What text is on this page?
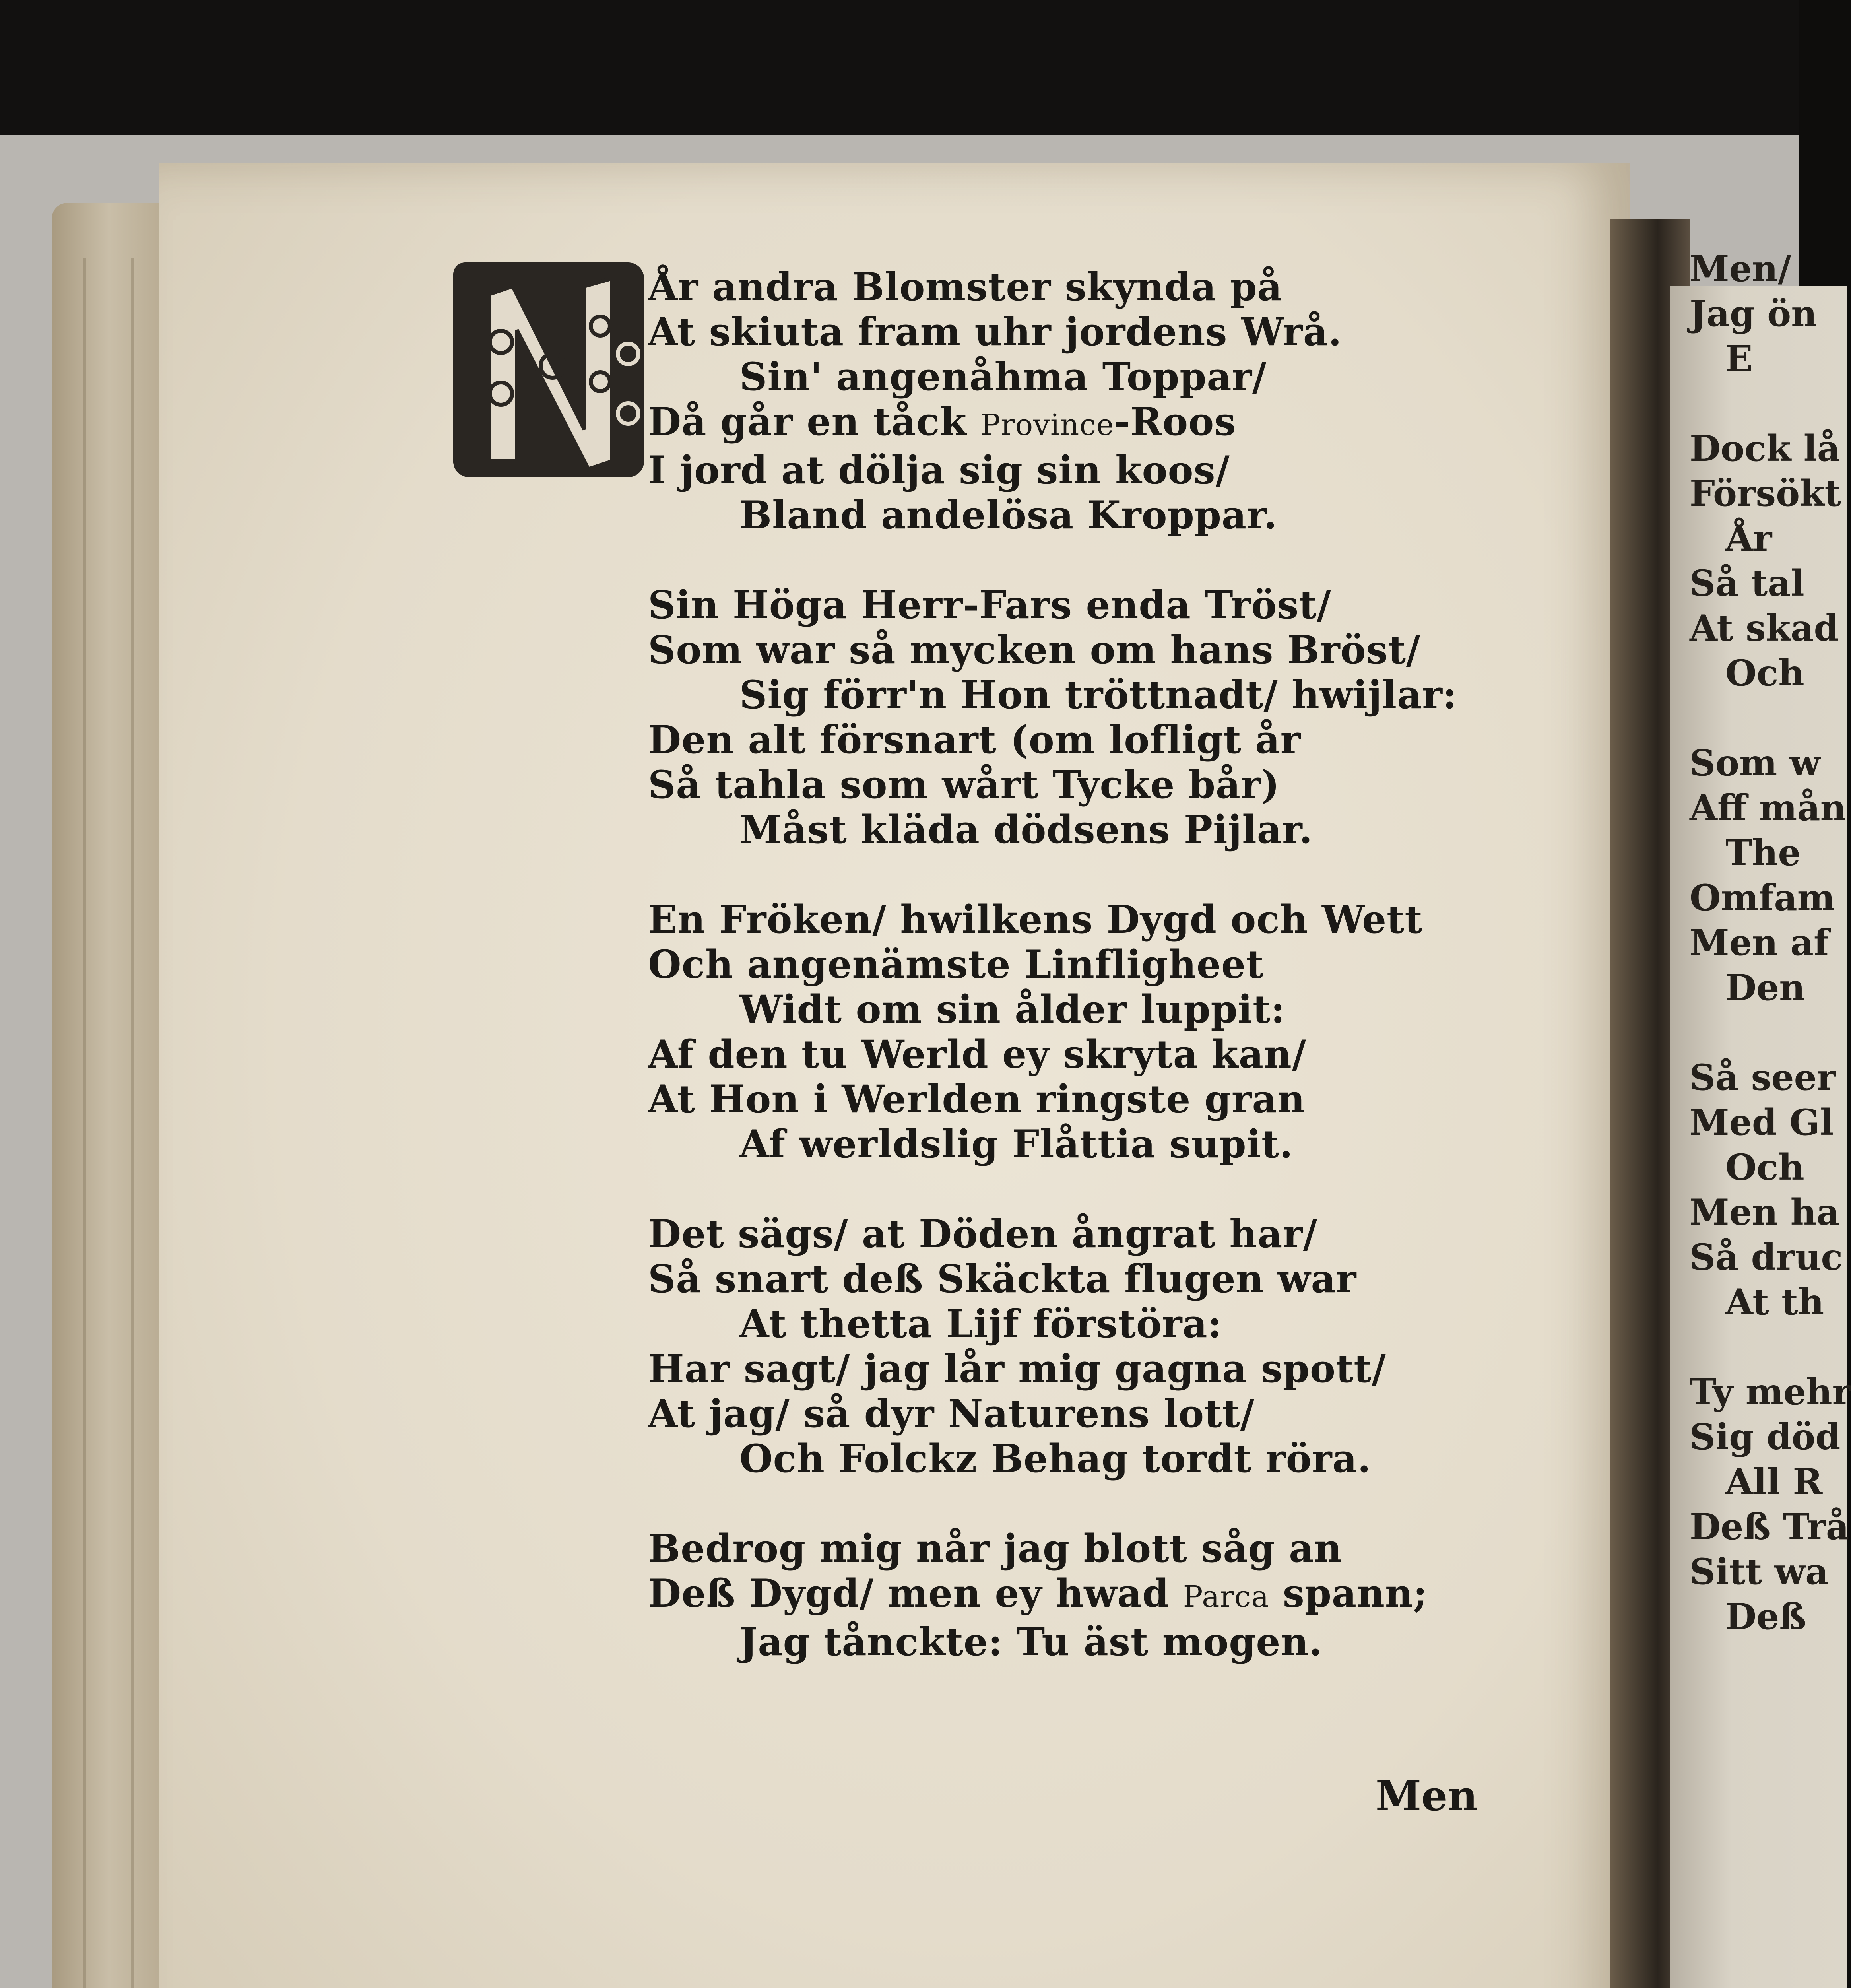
År andra Blomster skynda på
At skiuta fram uhr jordens Wrå.
Sin' angenåhma Toppar/
Då går en tåck Province-Roos
I jord at dölja sig sin koos/
Bland andelösa Kroppar.
Sin Höga Herr-Fars enda Tröst/
Som war så mycken om hans Bröst/
Sig förr'n Hon tröttnadt/ hwijlar:
Den alt försnart (om lofligt år
Så tahla som wårt Tycke bår)
Måst kläda dödsens Pijlar.
En Fröken/ hwilkens Dygd och Wett
Och angenämste Linfligheet
Widt om sin ålder luppit:
Af den tu Werld ey skryta kan/
At Hon i Werlden ringste gran
Af werldslig Flåttia supit.
Det sägs/ at Döden ångrat har/
Så snart deß Skäckta flugen war
At thetta Lijf förstöra:
Har sagt/ jag lår mig gagna spott/
At jag/ så dyr Naturens lott/
Och Folckz Behag tordt röra.
Bedrog mig når jag blott såg an
Deß Dygd/ men ey hwad Parca spann;
Jag tånckte: Tu äst mogen.
Men
Men/
Jag ön
E
Dock lå
Försökt
År
Så tal
At skad
Och
Som w
Aff mån
The
Omfam
Men af
Den
Så seer
Med Gl
Och
Men ha
Så druc
At th
Ty mehr
Sig död
All R
Deß Trå
Sitt wa
Deß
